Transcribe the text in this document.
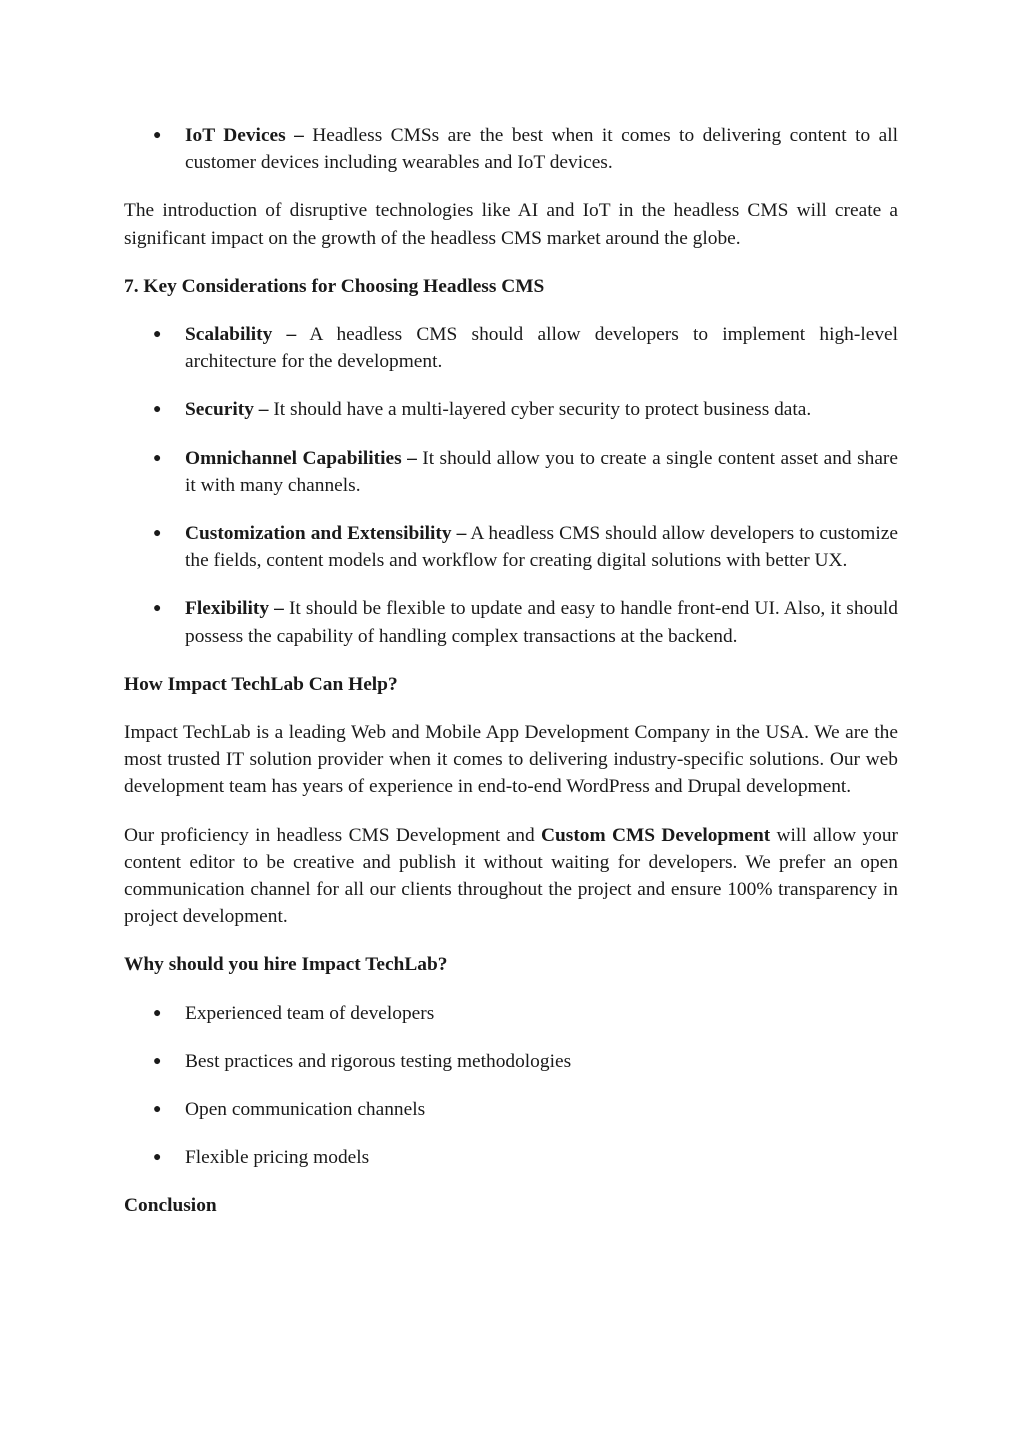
● IoT Devices – Headless CMSs are the best when it comes to delivering content to all customer devices including wearables and IoT devices.

The introduction of disruptive technologies like AI and IoT in the headless CMS will create a significant impact on the growth of the headless CMS market around the globe.

7. Key Considerations for Choosing Headless CMS
● Scalability – A headless CMS should allow developers to implement high-level architecture for the development.
● Security – It should have a multi-layered cyber security to protect business data.
● Omnichannel Capabilities – It should allow you to create a single content asset and share it with many channels.
● Customization and Extensibility – A headless CMS should allow developers to customize the fields, content models and workflow for creating digital solutions with better UX.
● Flexibility – It should be flexible to update and easy to handle front-end UI. Also, it should possess the capability of handling complex transactions at the backend.
How Impact TechLab Can Help?

Impact TechLab is a leading Web and Mobile App Development Company in the USA. We are the most trusted IT solution provider when it comes to delivering industry-specific solutions. Our web development team has years of experience in end-to-end WordPress and Drupal development.

Our proficiency in headless CMS Development and Custom CMS Development will allow your content editor to be creative and publish it without waiting for developers. We prefer an open communication channel for all our clients throughout the project and ensure 100% transparency in project development.

Why should you hire Impact TechLab?
● Experienced team of developers
● Best practices and rigorous testing methodologies
● Open communication channels
● Flexible pricing models
Conclusion
